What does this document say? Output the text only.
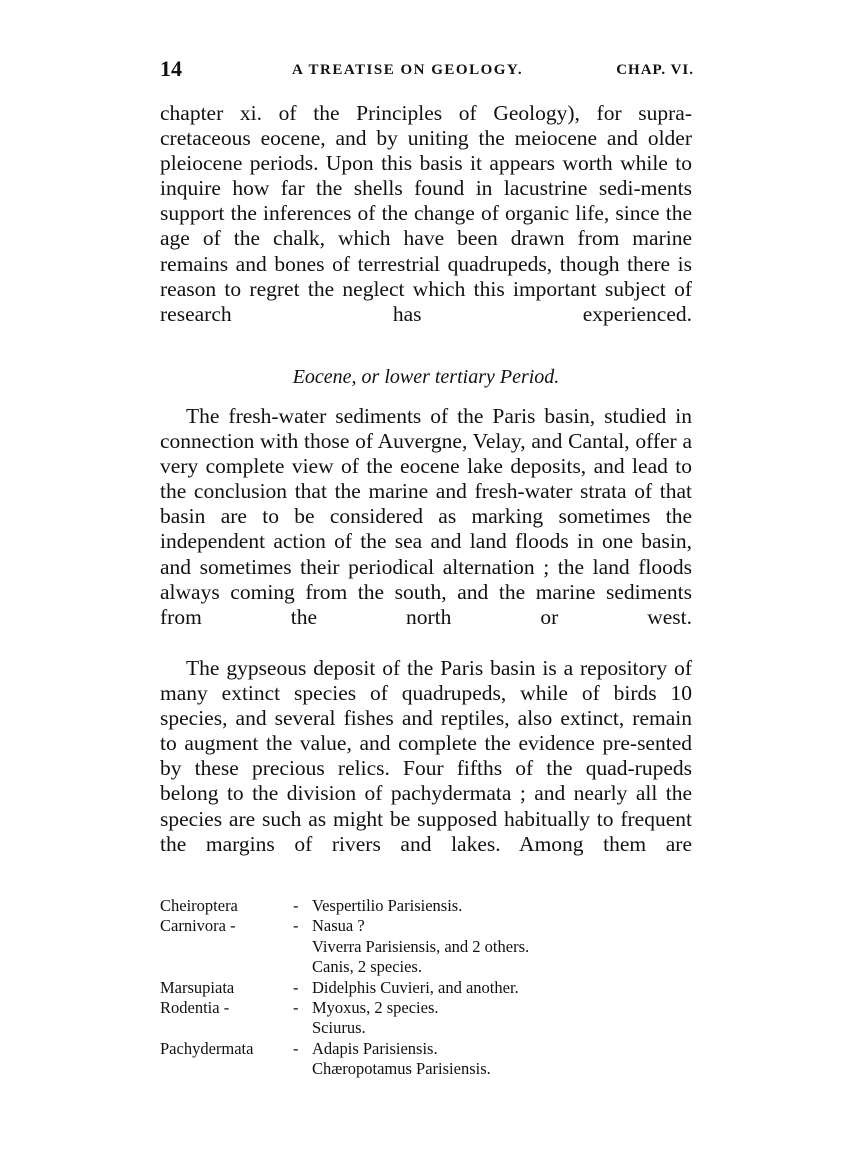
14	A TREATISE ON GEOLOGY.	CHAP. VI.

chapter xi. of the Principles of Geology), for supra-cretaceous eocene, and by uniting the meiocene and older pleiocene periods. Upon this basis it appears worth while to inquire how far the shells found in lacustrine sedi-ments support the inferences of the change of organic life, since the age of the chalk, which have been drawn from marine remains and bones of terrestrial quadrupeds, though there is reason to regret the neglect which this important subject of research has experienced.

Eocene, or lower tertiary Period.

The fresh-water sediments of the Paris basin, studied in connection with those of Auvergne, Velay, and Cantal, offer a very complete view of the eocene lake deposits, and lead to the conclusion that the marine and fresh-water strata of that basin are to be considered as marking sometimes the independent action of the sea and land floods in one basin, and sometimes their periodical alternation ; the land floods always coming from the south, and the marine sediments from the north or west.

The gypseous deposit of the Paris basin is a repository of many extinct species of quadrupeds, while of birds 10 species, and several fishes and reptiles, also extinct, remain to augment the value, and complete the evidence pre-sented by these precious relics. Four fifths of the quad-rupeds belong to the division of pachydermata ; and nearly all the species are such as might be supposed habitually to frequent the margins of rivers and lakes. Among them are

Cheiroptera	- Vespertilio Parisiensis.
Carnivora -	- Nasua ?
Viverra Parisiensis, and 2 others.
Canis, 2 species.
Marsupiata	- Didelphis Cuvieri, and another.
Rodentia -	- Myoxus, 2 species.
Sciurus.
Pachydermata - Adapis Parisiensis.
Chæropotamus Parisiensis.
